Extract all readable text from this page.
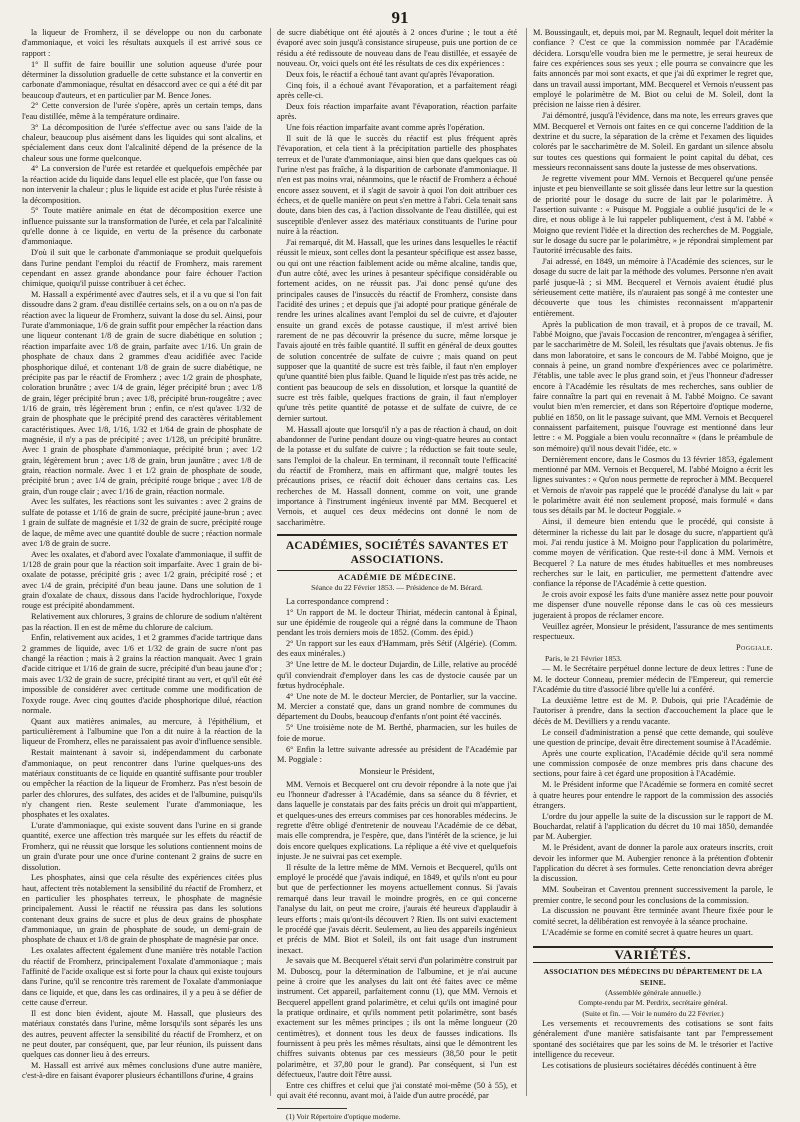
91

la liqueur de Fromherz, il se développe ou non du carbonate d'ammoniaque, et voici les résultats auxquels il est arrivé sous ce rapport :

1° Il suffit de faire bouillir une solution aqueuse d'urée pour déterminer la dissolution graduelle de cette substance et la convertir en carbonate d'ammoniaque, résultat en désaccord avec ce qui a été dit par beaucoup d'auteurs, et en particulier par M. Bence Jones.

2° Cette conversion de l'urée s'opère, après un certain temps, dans l'eau distillée, même à la température ordinaire.

3° La décomposition de l'urée s'effectue avec ou sans l'aide de la chaleur, beaucoup plus aisément dans les liquides qui sont alcalins, et spécialement dans ceux dont l'alcalinité dépend de la présence de la chaleur sous une forme quelconque.

4° La conversion de l'urée est retardée et quelquefois empêchée par la réaction acide du liquide dans lequel elle est placée, que l'on fasse ou non intervenir la chaleur ; plus le liquide est acide et plus l'urée résiste à la décomposition.

5° Toute matière animale en état de décomposition exerce une influence puissante sur la transformation de l'urée, et cela par l'alcalinité qu'elle donne à ce liquide, en vertu de la présence du carbonate d'ammoniaque.

D'où il suit que le carbonate d'ammoniaque se produit quelquefois dans l'urine pendant l'emploi du réactif de Fromherz, mais rarement cependant en assez grande abondance pour faire échouer l'action chimique, quoiqu'il puisse contribuer à cet échec.

M. Hassall a expérimenté avec d'autres sels, et il a vu que si l'on fait dissoudre dans 2 gram. d'eau distillée certains sels, on a ou on n'a pas de réaction avec la liqueur de Fromherz, suivant la dose du sel. Ainsi, pour l'urate d'ammoniaque, 1/6 de grain suffit pour empêcher la réaction dans une liqueur contenant 1/8 de grain de sucre diabétique en solution ; réaction imparfaite avec 1/8 de grain, parfaite avec 1/16. Un grain de phosphate de chaux dans 2 grammes d'eau acidifiée avec l'acide phosphorique dilué, et contenant 1/8 de grain de sucre diabétique, ne précipite pas par le réactif de Fromherz ; avec 1/2 grain de phosphate, coloration brunâtre ; avec 1/4 de grain, léger précipité brun ; avec 1/8 de grain, léger précipité brun ; avec 1/8, précipité brun-rougeâtre ; avec 1/16 de grain, très légèrement brun ; enfin, ce n'est qu'avec 1/32 de grain de phosphate que le précipité prend des caractères véritablement caractéristiques. Avec 1/8, 1/16, 1/32 et 1/64 de grain de phosphate de magnésie, il n'y a pas de précipité ; avec 1/128, un précipité brunâtre. Avec 1 grain de phosphate d'ammoniaque, précipité brun ; avec 1/2 grain, légèrement brun ; avec 1/8 de grain, brun jaunâtre ; avec 1/8 de grain, réaction normale. Avec 1 et 1/2 grain de phosphate de soude, précipité brun ; avec 1/4 de grain, précipité rouge brique ; avec 1/8 de grain, d'un rouge clair ; avec 1/16 de grain, réaction normale.

Avec les sulfates, les réactions sont les suivantes : avec 2 grains de sulfate de potasse et 1/16 de grain de sucre, précipité jaune-brun ; avec 1 grain de sulfate de magnésie et 1/32 de grain de sucre, précipité rouge de laque, de même avec une quantité double de sucre ; réaction normale avec 1/8 de grain de sucre.

Avec les oxalates, et d'abord avec l'oxalate d'ammoniaque, il suffit de 1/128 de grain pour que la réaction soit imparfaite. Avec 1 grain de bi-oxalate de potasse, précipité gris ; avec 1/2 grain, précipité rosé ; et avec 1/4 de grain, précipité d'un beau jaune. Dans une solution de 1 grain d'oxalate de chaux, dissous dans l'acide hydrochlorique, l'oxyde rouge est précipité abondamment.

Relativement aux chlorures, 3 grains de chlorure de sodium n'altèrent pas la réaction. Il en est de même du chlorure de calcium.

Enfin, relativement aux acides, 1 et 2 grammes d'acide tartrique dans 2 grammes de liquide, avec 1/6 et 1/32 de grain de sucre n'ont pas changé la réaction ; mais à 2 grains la réaction manquait. Avec 1 grain d'acide citrique et 1/16 de grain de sucre, précipité d'un beau jaune d'or ; mais avec 1/32 de grain de sucre, précipité tirant au vert, et qu'il eût été impossible de considérer avec certitude comme une modification de l'oxyde rouge. Avec cinq gouttes d'acide phosphorique dilué, réaction normale.

Quant aux matières animales, au mercure, à l'épithélium, et particulièrement à l'albumine que l'on a dit nuire à la réaction de la liqueur de Fromherz, elles ne paraissaient pas avoir d'influence sensible.

Restait maintenant à savoir si, indépendamment du carbonate d'ammoniaque, on peut rencontrer dans l'urine quelques-uns des matériaux constituants de ce liquide en quantité suffisante pour troubler ou empêcher la réaction de la liqueur de Fromherz. Pas n'est besoin de parler des chlorures, des sulfates, des acides et de l'albumine, puisqu'ils n'y changent rien. Reste seulement l'urate d'ammoniaque, les phosphates et les oxalates.

L'urate d'ammoniaque, qui existe souvent dans l'urine en si grande quantité, exerce une affection très marquée sur les effets du réactif de Fromherz, qui ne réussit que lorsque les solutions contiennent moins de un grain d'urate pour une once d'urine contenant 2 grains de sucre en dissolution.

Les phosphates, ainsi que cela résulte des expériences citées plus haut, affectent très notablement la sensibilité du réactif de Fromherz, et en particulier les phosphates terreux, le phosphate de magnésie principalement. Aussi le réactif ne réussira pas dans les solutions contenant deux grains de sucre et plus de deux grains de phosphate d'ammoniaque, un grain de phosphate de soude, un demi-grain de phosphate de chaux et 1/8 de grain de phosphate de magnésie par once.

Les oxalates affectent également d'une manière très notable l'action du réactif de Fromherz, principalement l'oxalate d'ammoniaque ; mais l'affinité de l'acide oxalique est si forte pour la chaux qui existe toujours dans l'urine, qu'il se rencontre très rarement de l'oxalate d'ammoniaque dans ce liquide, et que, dans les cas ordinaires, il y a peu à se défier de cette cause d'erreur.

Il est donc bien évident, ajoute M. Hassall, que plusieurs des matériaux constatés dans l'urine, même lorsqu'ils sont séparés les uns des autres, peuvent affecter la sensibilité du réactif de Fromherz, et on ne peut douter, par conséquent, que, par leur réunion, ils puissent dans quelques cas donner lieu à des erreurs.

M. Hassall est arrivé aux mêmes conclusions d'une autre manière, c'est-à-dire en faisant évaporer plusieurs échantillons d'urine, 4 grains

de sucre diabétique ont été ajoutés à 2 onces d'urine ; le tout a été évaporé avec soin jusqu'à consistance sirupeuse, puis une portion de ce résidu a été redissoute de nouveau dans de l'eau distillée, et essayée de nouveau. Or, voici quels ont été les résultats de ces dix expériences :

Deux fois, le réactif a échoué tant avant qu'après l'évaporation.

Cinq fois, il a échoué avant l'évaporation, et a parfaitement réagi après celle-ci.

Deux fois réaction imparfaite avant l'évaporation, réaction parfaite après.

Une fois réaction imparfaite avant comme après l'opération.

Il suit de là que le succès du réactif est plus fréquent après l'évaporation, et cela tient à la précipitation partielle des phosphates terreux et de l'urate d'ammoniaque, ainsi bien que dans quelques cas où l'urine n'est pas fraîche, à la disparition de carbonate d'ammoniaque. Il n'en est pas moins vrai, néanmoins, que le réactif de Fromherz a échoué encore assez souvent, et il s'agit de savoir à quoi l'on doit attribuer ces échecs, et de quelle manière on peut s'en mettre à l'abri. Cela tenait sans doute, dans bien des cas, à l'action dissolvante de l'eau distillée, qui est susceptible d'enlever assez des matériaux constituants de l'urine pour nuire à la réaction.

J'ai remarqué, dit M. Hassall, que les urines dans lesquelles le réactif réussit le mieux, sont celles dont la pesanteur spécifique est assez basse, ou qui ont une réaction faiblement acide ou même alcaline, tandis que, d'un autre côté, avec les urines à pesanteur spécifique considérable ou fortement acides, on ne réussit pas. J'ai donc pensé qu'une des principales causes de l'insuccès du réactif de Fromherz, consiste dans l'acidité des urines ; et depuis que j'ai adopté pour pratique générale de rendre les urines alcalines avant l'emploi du sel de cuivre, et d'ajouter ensuite un grand excès de potasse caustique, il m'est arrivé bien rarement de ne pas découvrir la présence du sucre, même lorsque je l'avais ajouté en très faible quantité. Il suffit en général de deux gouttes de solution concentrée de sulfate de cuivre ; mais quand on peut supposer que la quantité de sucre est très faible, il faut n'en employer qu'une quantité bien plus faible. Quand le liquide n'est pas très acide, ne contient pas beaucoup de sels en dissolution, et lorsque la quantité de sucre est très faible, quelques fractions de grain, il faut n'employer qu'une très petite quantité de potasse et de sulfate de cuivre, de ce dernier surtout.

M. Hassall ajoute que lorsqu'il n'y a pas de réaction à chaud, on doit abandonner de l'urine pendant douze ou vingt-quatre heures au contact de la potasse et du sulfate de cuivre ; la réduction se fait toute seule, sans l'emploi de la chaleur. En terminant, il reconnaît toute l'efficacité du réactif de Fromherz, mais en affirmant que, malgré toutes les précautions prises, ce réactif doit échouer dans certains cas. Les recherches de M. Hassall donnent, comme on voit, une grande importance à l'instrument ingénieux inventé par MM. Becquerel et Vernois, et auquel ces deux médecins ont donné le nom de saccharimètre.

ACADÉMIES, SOCIÉTÉS SAVANTES ET ASSOCIATIONS.
ACADÉMIE DE MÉDECINE.
Séance du 22 Février 1853. — Présidence de M. Bérard.

La correspondance comprend :

1° Un rapport de M. le docteur Thiriat, médecin cantonal à Épinal, sur une épidémie de rougeole qui a régné dans la commune de Thaon pendant les trois derniers mois de 1852. (Comm. des épid.)

2° Un rapport sur les eaux d'Hammam, près Sétif (Algérie). (Comm. des eaux minérales.)

3° Une lettre de M. le docteur Dujardin, de Lille, relative au procédé qu'il conviendrait d'employer dans les cas de dystocie causée par un fœtus hydrocéphale.

4° Une note de M. le docteur Mercier, de Pontarlier, sur la vaccine. M. Mercier a constaté que, dans un grand nombre de communes du département du Doubs, beaucoup d'enfants n'ont point été vaccinés.

5° Une troisième note de M. Berthé, pharmacien, sur les huiles de foie de morue.

6° Enfin la lettre suivante adressée au président de l'Académie par M. Poggiale :

Monsieur le Président,

MM. Vernois et Becquerel ont cru devoir répondre à la note que j'ai eu l'honneur d'adresser à l'Académie, dans sa séance du 8 février, et dans laquelle je constatais par des faits précis un droit qui m'appartient, et quelques-unes des erreurs commises par ces honorables médecins. Je regrette d'être obligé d'entretenir de nouveau l'Académie de ce débat, mais elle comprendra, je l'espère, que, dans l'intérêt de la science, je lui dois encore quelques explications. La réplique a été vive et quelquefois injuste. Je ne suivrai pas cet exemple.

Il résulte de la lettre même de MM. Vernois et Becquerel, qu'ils ont employé le procédé que j'avais indiqué, en 1849, et qu'ils n'ont eu pour but que de perfectionner les moyens actuellement connus. Si j'avais remarqué dans leur travail le moindre progrès, en ce qui concerne l'analyse du lait, on peut me croire, j'aurais été heureux d'applaudir à leurs efforts ; mais qu'ont-ils découvert ? Rien. Ils ont suivi exactement le procédé que j'avais décrit. Seulement, au lieu des appareils ingénieux et précis de MM. Biot et Soleil, ils ont fait usage d'un instrument inexact.

Je savais que M. Becquerel s'était servi d'un polarimètre construit par M. Duboscq, pour la détermination de l'albumine, et je n'ai aucune peine à croire que les analyses du lait ont été faites avec ce même instrument. Cet appareil, parfaitement connu (1), que MM. Vernois et Becquerel appellent grand polarimètre, et celui qu'ils ont imaginé pour la pratique ordinaire, et qu'ils nomment petit polarimètre, sont basés exactement sur les mêmes principes ; ils ont la même longueur (20 centimètres), et donnent tous les deux de fausses indications. Ils fournissent à peu près les mêmes résultats, ainsi que le démontrent les chiffres suivants obtenus par ces messieurs (38,50 pour le petit polarimètre, et 37,80 pour le grand). Par conséquent, si l'un est défectueux, l'autre doit l'être aussi.

Entre ces chiffres et celui que j'ai constaté moi-même (50 à 55), et qui avait été reconnu, avant moi, à l'aide d'un autre procédé, par

(1) Voir Répertoire d'optique moderne.

M. Boussingault, et, depuis moi, par M. Regnault, lequel doit mériter la confiance ? C'est ce que la commission nommée par l'Académie décidera. Lorsqu'elle voudra bien me le permettre, je serai heureux de faire ces expériences sous ses yeux ; elle pourra se convaincre que les faits annoncés par moi sont exacts, et que j'ai dû exprimer le regret que, dans un travail aussi important, MM. Becquerel et Vernois n'eussent pas employé le polarimètre de M. Biot ou celui de M. Soleil, dont la précision ne laisse rien à désirer.

J'ai démontré, jusqu'à l'évidence, dans ma note, les erreurs graves que MM. Becquerel et Vernois ont faites en ce qui concerne l'addition de la dextrine et du sucre, la séparation de la crème et l'examen des liquides colorés par le saccharimètre de M. Soleil. En gardant un silence absolu sur toutes ces questions qui formaient le point capital du débat, ces messieurs reconnaissent sans doute la justesse de mes observations.

Je regrette vivement pour MM. Vernois et Becquerel qu'une pensée injuste et peu bienveillante se soit glissée dans leur lettre sur la question de priorité pour le dosage du sucre de lait par le polarimètre. À l'assertion suivante : « Puisque M. Poggiale a oublié jusqu'ici de le « dire, et nous oblige à le lui rappeler publiquement, c'est à M. l'abbé « Moigno que revient l'idée et la direction des recherches de M. Poggiale, sur le dosage du sucre par le polarimètre, » je répondrai simplement par l'autorité irrécusable des faits.

J'ai adressé, en 1849, un mémoire à l'Académie des sciences, sur le dosage du sucre de lait par la méthode des volumes. Personne n'en avait parlé jusque-là ; si MM. Becquerel et Vernois avaient étudié plus sérieusement cette matière, ils n'auraient pas songé à me contester une découverte que tous les chimistes reconnaissent m'appartenir entièrement.

Après la publication de mon travail, et à propos de ce travail, M. l'abbé Moigno, que j'avais l'occasion de rencontrer, m'engagea à sérifier, par le saccharimètre de M. Soleil, les résultats que j'avais obtenus. Je fis dans mon laboratoire, et sans le concours de M. l'abbé Moigno, que je connais à peine, un grand nombre d'expériences avec ce polarimètre. J'établis, une table avec le plus grand soin, et j'eus l'honneur d'adresser encore à l'Académie les résultats de mes recherches, sans oublier de faire connaître la part qui en revenait à M. l'abbé Moigno. Ce savant voulut bien m'en remercier, et dans son Répertoire d'optique moderne, publié en 1850, on lit le passage suivant, que MM. Vernois et Becquerel connaissent parfaitement, puisque l'ouvrage est mentionné dans leur lettre : « M. Poggiale a bien voulu reconnaître « (dans le préambule de son mémoire) qu'il nous devait l'idée, etc. »

Dernièrement encore, dans le Cosmos du 13 février 1853, également mentionné par MM. Vernois et Becquerel, M. l'abbé Moigno a écrit les lignes suivantes : « Qu'on nous permette de reprocher à MM. Becquerel et Vernois de n'avoir pas rappelé que le procédé d'analyse du lait « par le polarimètre avait été non seulement proposé, mais formulé « dans tous ses détails par M. le docteur Poggiale. »

Ainsi, il demeure bien entendu que le procédé, qui consiste à déterminer la richesse du lait par le dosage du sucre, n'appartient qu'à moi. J'ai rendu justice à M. Moigno pour l'application du polarimètre, comme moyen de vérification. Que reste-t-il donc à MM. Vernois et Becquerel ? La nature de mes études habituelles et mes nombreuses recherches sur le lait, en particulier, me permettent d'attendre avec confiance la réponse de l'Académie à cette question.

Je crois avoir exposé les faits d'une manière assez nette pour pouvoir me dispenser d'une nouvelle réponse dans le cas où ces messieurs jugeraient à propos de réclamer encore.

Veuillez agréer, Monsieur le président, l'assurance de mes sentiments respectueux.

Poggiale.

Paris, le 21 Février 1853.

— M. le Secrétaire perpétuel donne lecture de deux lettres : l'une de M. le docteur Conneau, premier médecin de l'Empereur, qui remercie l'Académie du titre d'associé libre qu'elle lui a conféré.

La deuxième lettre est de M. P. Dubois, qui prie l'Académie de l'autoriser à prendre, dans la section d'accouchement la place que le décès de M. Devilliers y a rendu vacante.

Le conseil d'administration a pensé que cette demande, qui soulève une question de principe, devait être directement soumise à l'Académie.

Après une courte explication, l'Académie décide qu'il sera nommé une commission composée de onze membres pris dans chacune des sections, pour faire à cet égard une proposition à l'Académie.

M. le Président informe que l'Académie se formera en comité secret à quatre heures pour entendre le rapport de la commission des associés étrangers.

L'ordre du jour appelle la suite de la discussion sur le rapport de M. Bouchardat, relatif à l'application du décret du 10 mai 1850, demandée par M. Aubergier.

M. le Président, avant de donner la parole aux orateurs inscrits, croit devoir les informer que M. Aubergier renonce à la prétention d'obtenir l'application du décret à ses formules. Cette renonciation devra abréger la discussion.

MM. Soubeiran et Caventou prennent successivement la parole, le premier contre, le second pour les conclusions de la commission.

La discussion ne pouvant être terminée avant l'heure fixée pour le comité secret, la délibération est renvoyée à la séance prochaine.

L'Académie se forme en comité secret à quatre heures un quart.

VARIÉTÉS.
ASSOCIATION DES MÉDECINS DU DÉPARTEMENT DE LA SEINE.
(Assemblée générale annuelle.)
Compte-rendu par M. Perdrix, secrétaire général.
(Suite et fin. — Voir le numéro du 22 Février.)

Les versements et recouvrements des cotisations se sont faits généralement d'une manière satisfaisante tant par l'empressement spontané des sociétaires que par les soins de M. le trésorier et l'active intelligence du receveur.

Les cotisations de plusieurs sociétaires décédés continuent à être
